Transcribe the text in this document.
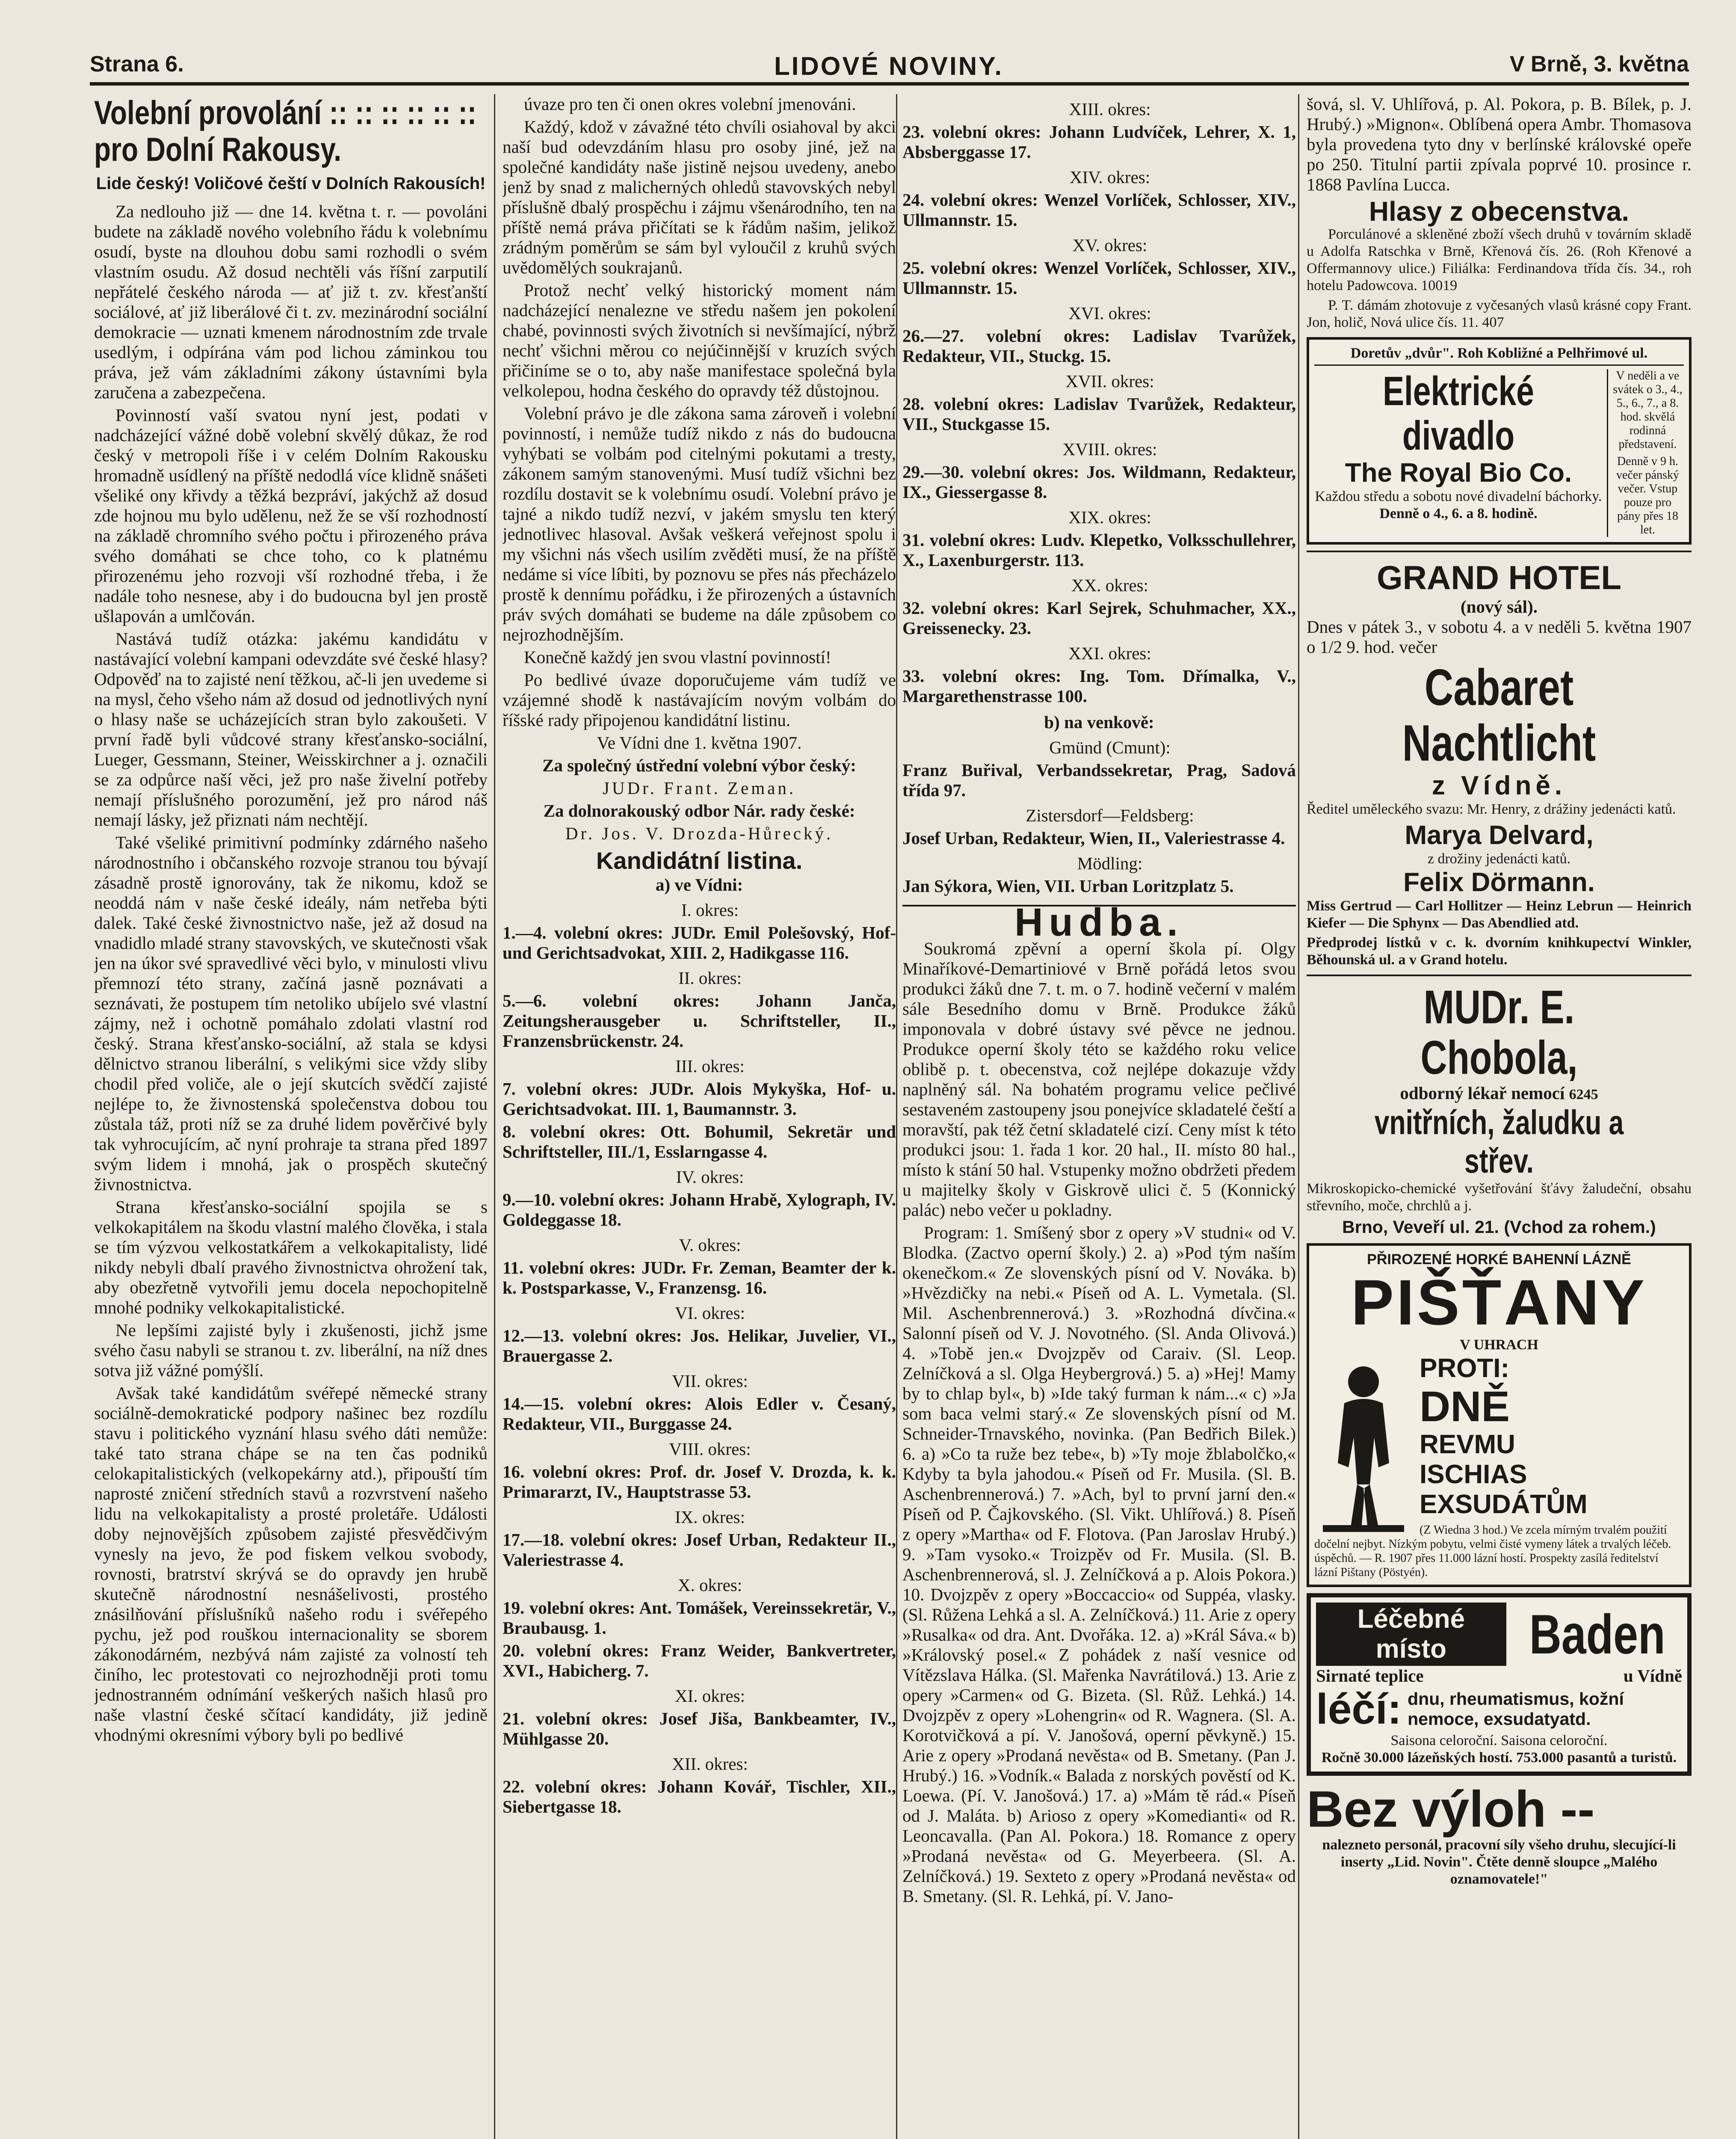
Strana 6.	LIDOVÉ NOVINY.	V Brně, 3. května
Volební provolání :: :: :: :: :: :: pro Dolní Rakousy.
Lide český! Voličové čeští v Dolních Rakousích!

Za nedlouho již — dne 14. května t. r. — povoláni budete na základě nového volebního řádu k volebnímu osudí, byste na dlouhou dobu sami rozhodli o svém vlastním osudu. Až dosud nechtěli vás říšní zarputilí nepřátelé českého národa — ať již t. zv. křesťanští sociálové, ať již liberálové či t. zv. mezinárodní sociální demokracie — uznati kmenem národnostním zde trvale usedlým, i odpírána vám pod lichou záminkou tou práva, jež vám základními zákony ústavními byla zaručena a zabezpečena.

Povinností vaší svatou nyní jest, podati v nadcházející vážné době volební skvělý důkaz, že rod český v metropoli říše i v celém Dolním Rakousku hromadně usídlený na příště nedodlá více klidně snášeti všeliké ony křivdy a těžká bezpráví, jakýchž až dosud zde hojnou mu bylo udělenu, než že se vší rozhodností na základě chromního svého počtu i přirozeného práva svého domáhati se chce toho, co k platnému přirozenému jeho rozvoji vší rozhodné třeba, i že nadále toho nesnese, aby i do budoucna byl jen prostě ušlapován a umlčován.

Nastává tudíž otázka: jakému kandidátu v nastávající volební kampani odevzdáte své české hlasy? Odpověď na to zajisté není těžkou, ač-li jen uvedeme si na mysl, čeho všeho nám až dosud od jednotlivých nyní o hlasy naše se ucházejících stran bylo zakoušeti. V první řadě byli vůdcové strany křesťansko-sociální, Lueger, Gessmann, Steiner, Weisskirchner a j. označili se za odpůrce naší věci, jež pro naše živelní potřeby nemají příslušného porozumění, jež pro národ náš nemají lásky, jež přiznati nám nechtějí.

Také všeliké primitivní podmínky zdárného našeho národnostního i občanského rozvoje stranou tou bývají zásadně prostě ignorovány, tak že nikomu, kdož se neoddá nám v naše české ideály, nám netřeba býti dalek. Také české živnostnictvo naše, jež až dosud na vnadidlo mladé strany stavovských, ve skutečnosti však jen na úkor své spravedlivé věci bylo, v minulosti vlivu přemnozí této strany, začíná jasně poznávati a seznávati, že postupem tím netoliko ubíjelo své vlastní zájmy, než i ochotně pomáhalo zdolati vlastní rod český. Strana křesťansko-sociální, až stala se kdysi dělnictvo stranou liberální, s velikými sice vždy sliby chodil před voliče, ale o její skutcích svědčí zajisté nejlépe to, že živnostenská společenstva dobou tou zůstala táž, proti níž se za druhé lidem pověrčivé byly tak vyhrocujícím, ač nyní prohraje ta strana před 1897 svým lidem i mnohá, jak o prospěch skutečný živnostnictva.

Strana křesťansko-sociální spojila se s velkokapitálem na škodu vlastní malého člověka, i stala se tím výzvou velkostatkářem a velkokapitalisty, lidé nikdy nebyli dbalí pravého živnostnictva ohrožení tak, aby obezřetně vytvořili jemu docela nepochopitelně mnohé podniky velkokapitalistické.

Ne lepšími zajisté byly i zkušenosti, jichž jsme svého času nabyli se stranou t. zv. liberální, na níž dnes sotva již vážné pomýšlí.

Avšak také kandidátům svéřepé německé strany sociálně-demokratické podpory našinec bez rozdílu stavu i politického vyznání hlasu svého dáti nemůže: také tato strana chápe se na ten čas podniků celokapitalistických (velkopekárny atd.), připouští tím naprosté zničení středních stavů a rozvrstvení našeho lidu na velkokapitalisty a prosté proletáře. Události doby nejnovějších způsobem zajisté přesvědčivým vynesly na jevo, že pod fiskem velkou svobody, rovnosti, bratrství skrývá se do opravdy jen hrubě skutečně národnostní nesnášelivosti, prostého znásilňování příslušníků našeho rodu i svéřepého pychu, jež pod rouškou internacionality se sborem zákonodárném, nezbývá nám zajisté za volností teh činího, lec protestovati co nejrozhodněji proti tomu jednostranném odnímání veškerých našich hlasů pro naše vlastní české sčítací kandidáty, již jedině vhodnými okresními výbory byli po bedlivé

úvaze pro ten či onen okres volební jmenováni.

Každý, kdož v závažné této chvíli osiahoval by akci naší bud odevzdáním hlasu pro osoby jiné, jež na společné kandidáty naše jistině nejsou uvedeny, anebo jenž by snad z malicherných ohledů stavovských nebyl příslušně dbalý prospěchu i zájmu všenárodního, ten na příště nemá práva přičítati se k řádům našim, jelikož zrádným poměrům se sám byl vyloučil z kruhů svých uvědomělých soukrajanů.

Protož nechť velký historický moment nám nadcházející nenalezne ve středu našem jen pokolení chabé, povinnosti svých životních si nevšímající, nýbrž nechť všichni měrou co nejúčinnější v kruzích svých přičiníme se o to, aby naše manifestace společná byla velkolepou, hodna českého do opravdy též důstojnou.

Volební právo je dle zákona sama zároveň i volební povinností, i nemůže tudíž nikdo z nás do budoucna vyhýbati se volbám pod citelnými pokutami a tresty, zákonem samým stanovenými. Musí tudíž všichni bez rozdílu dostavit se k volebnímu osudí. Volební právo je tajné a nikdo tudíž nezví, v jakém smyslu ten který jednotlivec hlasoval. Avšak veškerá veřejnost spolu i my všichni nás všech usilím zvěděti musí, že na příště nedáme si více líbiti, by poznovu se přes nás přecházelo prostě k dennímu pořádku, i že přirozených a ústavních práv svých domáhati se budeme na dále způsobem co nejrozhodnějším.

Konečně každý jen svou vlastní povinností!

Po bedlivé úvaze doporučujeme vám tudíž ve vzájemné shodě k nastávajícím novým volbám do říšské rady připojenou kandidátní listinu.

Ve Vídni dne 1. května 1907.

Za společný ústřední volební výbor český:

JUDr. Frant. Zeman.

Za dolnorakouský odbor Nár. rady české:

Dr. Jos. V. Drozda-Hůrecký.

Kandidátní listina.

a) ve Vídni:

I. okres:

1.—4. volební okres: JUDr. Emil Polešovský, Hof- und Gerichtsadvokat, XIII. 2, Hadikgasse 116.

II. okres:

5.—6. volební okres: Johann Janča, Zeitungsherausgeber u. Schriftsteller, II., Franzensbrückenstr. 24.

III. okres:

7. volební okres: JUDr. Alois Mykyška, Hof- u. Gerichtsadvokat. III. 1, Baumannstr. 3.

8. volební okres: Ott. Bohumil, Sekretär und Schriftsteller, III./1, Esslarngasse 4.

IV. okres:

9.—10. volební okres: Johann Hrabě, Xylograph, IV. Goldeggasse 18.

V. okres:

11. volební okres: JUDr. Fr. Zeman, Beamter der k. k. Postsparkasse, V., Franzensg. 16.

VI. okres:

12.—13. volební okres: Jos. Helikar, Juvelier, VI., Brauergasse 2.

VII. okres:

14.—15. volební okres: Alois Edler v. Česaný, Redakteur, VII., Burggasse 24.

VIII. okres:

16. volební okres: Prof. dr. Josef V. Drozda, k. k. Primararzt, IV., Hauptstrasse 53.

IX. okres:

17.—18. volební okres: Josef Urban, Redakteur II., Valeriestrasse 4.

X. okres:

19. volební okres: Ant. Tomášek, Vereinssekretär, V., Braubausg. 1.

20. volební okres: Franz Weider, Bankvertreter, XVI., Habicherg. 7.

XI. okres:

21. volební okres: Josef Jiša, Bankbeamter, IV., Mühlgasse 20.

XII. okres:

22. volební okres: Johann Kovář, Tischler, XII., Siebertgasse 18.

XIII. okres:

23. volební okres: Johann Ludvíček, Lehrer, X. 1, Absberggasse 17.

XIV. okres:

24. volební okres: Wenzel Vorlíček, Schlosser, XIV., Ullmannstr. 15.

XV. okres:

25. volební okres: Wenzel Vorlíček, Schlosser, XIV., Ullmannstr. 15.

XVI. okres:

26.—27. volební okres: Ladislav Tvarůžek, Redakteur, VII., Stuckg. 15.

XVII. okres:

28. volební okres: Ladislav Tvarůžek, Redakteur, VII., Stuckgasse 15.

XVIII. okres:

29.—30. volební okres: Jos. Wildmann, Redakteur, IX., Giessergasse 8.

XIX. okres:

31. volební okres: Ludv. Klepetko, Volksschullehrer, X., Laxenburgerstr. 113.

XX. okres:

32. volební okres: Karl Sejrek, Schuhmacher, XX., Greissenecky. 23.

XXI. okres:

33. volební okres: Ing. Tom. Dřímalka, V., Margarethenstrasse 100.

b) na venkově:

Gmünd (Cmunt):

Franz Buřival, Verbandssekretar, Prag, Sadová třída 97.

Zistersdorf—Feldsberg:

Josef Urban, Redakteur, Wien, II., Valeriestrasse 4.

Mödling:

Jan Sýkora, Wien, VII. Urban Loritzplatz 5.

Hudba.

Soukromá zpěvní a operní škola pí. Olgy Minaříkové-Demartiniové v Brně pořádá letos svou produkci žáků dne 7. t. m. o 7. hodině večerní v malém sále Besedního domu v Brně. Produkce žáků imponovala v dobré ústavy své pěvce ne jednou. Produkce operní školy této se každého roku velice oblibě p. t. obecenstva, což nejlépe dokazuje vždy naplněný sál. Na bohatém programu velice pečlivé sestaveném zastoupeny jsou ponejvíce skladatelé čeští a moravští, pak též četní skladatelé cizí. Ceny míst k této produkci jsou: 1. řada 1 kor. 20 hal., II. místo 80 hal., místo k stání 50 hal. Vstupenky možno obdržeti předem u majitelky školy v Giskrově ulici č. 5 (Konnický palác) nebo večer u pokladny.

Program: 1. Smíšený sbor z opery »V studni« od V. Blodka. (Zactvo operní školy.) 2. a) »Pod tým naším okenečkom.« Ze slovenských písní od V. Nováka. b) »Hvězdičky na nebi.« Píseň od A. L. Vymetala. (Sl. Mil. Aschenbrennerová.) 3. »Rozhodná dívčina.« Salonní píseň od V. J. Novotného. (Sl. Anda Olivová.) 4. »Tobě jen.« Dvojzpěv od Caraiv. (Sl. Leop. Zelníčková a sl. Olga Heybergrová.) 5. a) »Hej! Mamy by to chlap byl«, b) »Ide taký furman k nám...« c) »Ja som baca velmi starý.« Ze slovenských písní od M. Schneider-Trnavského, novinka. (Pan Bedřich Bilek.) 6. a) »Co ta ruže bez tebe«, b) »Ty moje žblabolčko,« Kdyby ta byla jahodou.« Píseň od Fr. Musila. (Sl. B. Aschenbrennerová.) 7. »Ach, byl to první jarní den.« Píseň od P. Čajkovského. (Sl. Vikt. Uhlířová.) 8. Píseň z opery »Martha« od F. Flotova. (Pan Jaroslav Hrubý.) 9. »Tam vysoko.« Troizpěv od Fr. Musila. (Sl. B. Aschenbrennerová, sl. J. Zelníčková a p. Alois Pokora.) 10. Dvojzpěv z opery »Boccaccio« od Suppéa, vlasky. (Sl. Růžena Lehká a sl. A. Zelníčková.) 11. Arie z opery »Rusalka« od dra. Ant. Dvořáka. 12. a) »Král Sáva.« b) »Královský posel.« Z pohádek z naší vesnice od Vítězslava Hálka. (Sl. Mařenka Navrátilová.) 13. Arie z opery »Carmen« od G. Bizeta. (Sl. Růž. Lehká.) 14. Dvojzpěv z opery »Lohengrin« od R. Wagnera. (Sl. A. Korotvičková a pí. V. Janošová, operní pěvkyně.) 15. Arie z opery »Prodaná nevěsta« od B. Smetany. (Pan J. Hrubý.) 16. »Vodník.« Balada z norských pověstí od K. Loewa. (Pí. V. Janošová.) 17. a) »Mám tě rád.« Píseň od J. Maláta. b) Arioso z opery »Komedianti« od R. Leoncavalla. (Pan Al. Pokora.) 18. Romance z opery »Prodaná nevěsta« od G. Meyerbeera. (Sl. A. Zelníčková.) 19. Sexteto z opery »Prodaná nevěsta« od B. Smetany. (Sl. R. Lehká, pí. V. Jano-

šová, sl. V. Uhlířová, p. Al. Pokora, p. B. Bílek, p. J. Hrubý.) »Mignon«. Oblíbená opera Ambr. Thomasova byla provedena tyto dny v berlínské královské opeře po 250. Titulní partii zpívala poprvé 10. prosince r. 1868 Pavlína Lucca.

Hlasy z obecenstva.

Porculánové a skleněné zboží všech druhů v továrním skladě u Adolfa Ratschka v Brně, Křenová čís. 26. (Roh Křenové a Offermannovy ulice.) Filiálka: Ferdinandova třída čís. 34., roh hotelu Padowcova. 10019

P. T. dámám zhotovuje z vyčesaných vlasů krásné copy Frant. Jon, holič, Nová ulice čís. 11. 407

Doretův „dvůr". Roh Kobližné a Pelhřimové ul.
Elektrické divadlo
The Royal Bio Co.
Každou středu a sobotu nové divadelní báchorky.
Denně o 4., 6. a 8. hodině.
V neděli a ve svátek o 3., 4., 5., 6., 7., a 8. hod. skvělá rodinná představení.
Denně v 9 h. večer pánský večer. Vstup pouze pro pány přes 18 let.
GRAND HOTEL
(nový sál).

Dnes v pátek 3., v sobotu 4. a v neděli 5. května 1907 o 1/2 9. hod. večer

Cabaret Nachtlicht
z Vídně.

Ředitel uměleckého svazu: Mr. Henry, z drážiny jedenácti katů.

Marya Delvard,
z drožiny jedenácti katů.
Felix Dörmann.

Miss Gertrud — Carl Hollitzer — Heinz Lebrun — Heinrich Kiefer — Die Sphynx — Das Abendlied atd.

Předprodej lístků v c. k. dvorním knihkupectví Winkler, Běhounská ul. a v Grand hotelu.

MUDr. E. Chobola,
odborný lékař nemocí 6245
vnitřních, žaludku a střev.

Mikroskopicko-chemické vyšetřování šťávy žaludeční, obsahu střevního, moče, chrchlů a j.

Brno, Veveří ul. 21. (Vchod za rohem.)
PŘIROZENÉ HORKÉ BAHENNÍ LÁZNĚ
PIŠŤANY
V UHRACH
PROTI:
DNĚ
REVMU
ISCHIAS
EXSUDÁTŮM
(Z Wiedna 3 hod.) Ve zcela mírným trvalém použití dočelní nejbyt. Nízkým pobytu, velmi čisté vymeny látek a trvalých léčeb. úspěchů. — R. 1907 přes 11.000 lázní hostí. Prospekty zasílá ředitelství lázní Pištany (Pöstyén).
Léčebné místo	Baden
Sirnaté teplice	u Vídně
léčí: dnu, rheumatismus, kožní nemoce, exsudatyatd.
Saisona celoroční. Saisona celoroční.
Ročně 30.000 lázeňských hostí. 753.000 pasantů a turistů.
Bez výloh --

nalezneto personál, pracovní síly všeho druhu, slecující-li inserty „Lid. Novin". Čtěte denně sloupce „Malého oznamovatele!"
